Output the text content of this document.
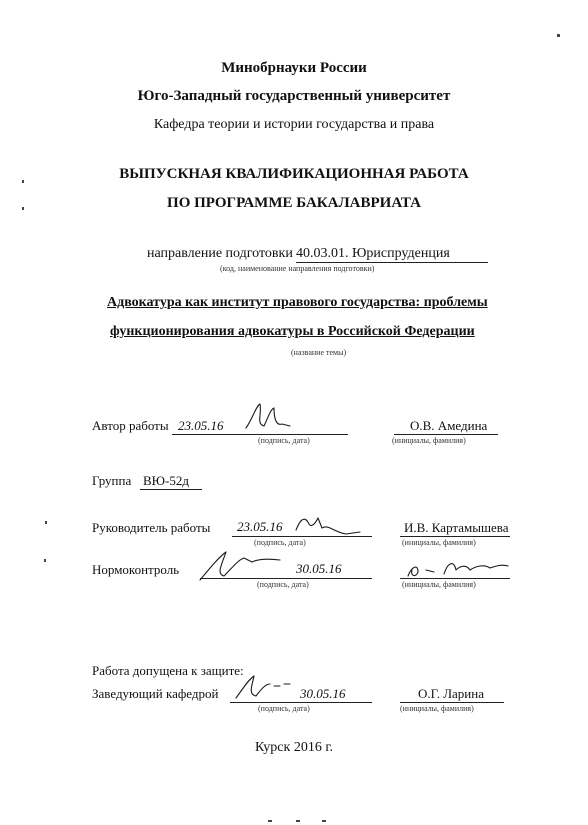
Минобрнауки России
Юго-Западный государственный университет
Кафедра теории и истории государства и права
ВЫПУСКНАЯ КВАЛИФИКАЦИОННАЯ РАБОТА
ПО ПРОГРАММЕ БАКАЛАВРИАТА
направление подготовки 40.03.01. Юриспруденция
(код, наименование направления подготовки)
Адвокатура как институт правового государства: проблемы
функционирования адвокатуры в Российской Федерации
(название темы)
Автор работы 23.05.16
(подпись, дата)
О.В. Амедина
(инициалы, фамилия)
Группа ВЮ-52д
Руководитель работы 23.05.16
(подпись, дата)
И.В. Картамышева
(инициалы, фамилия)
Нормоконтроль	30.05.16
(подпись, дата)	(инициалы, фамилия)
Работа допущена к защите:
Заведующий кафедрой	30.05.16
(подпись, дата)
О.Г. Ларина
(инициалы, фамилия)
Курск 2016 г.
